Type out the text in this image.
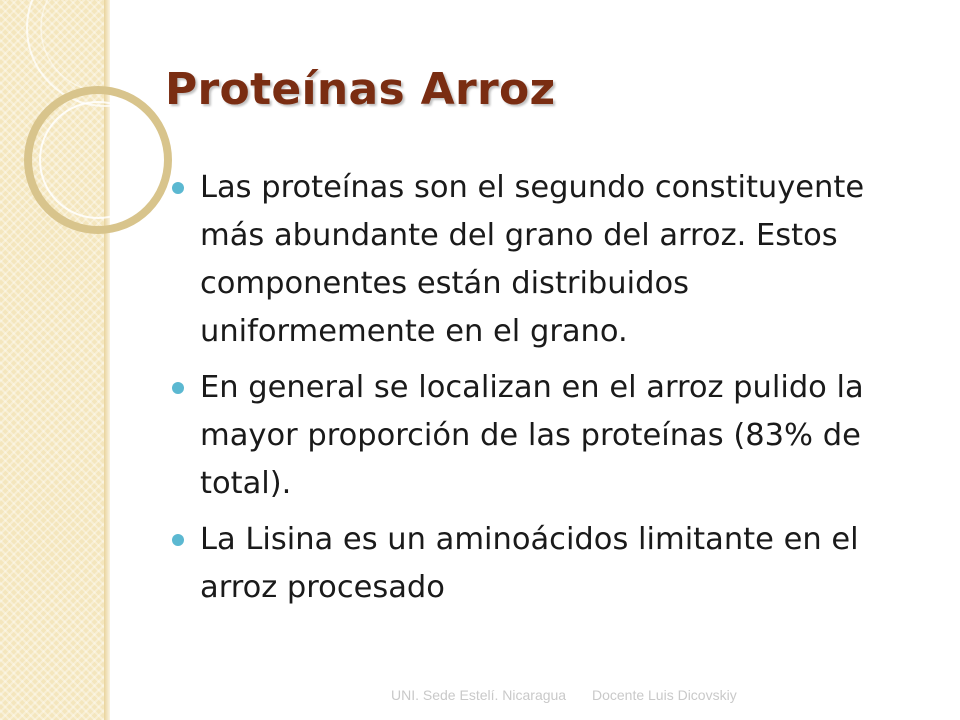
Proteínas Arroz
Las proteínas son el segundo constituyente más abundante del grano del arroz. Estos componentes están distribuidos uniformemente en el grano.
En general se localizan en el arroz pulido la mayor proporción de las proteínas (83% de total).
La Lisina es un aminoácidos limitante en el arroz procesado
UNI. Sede Estelí. Nicaragua Docente Luis Dicovskiy
